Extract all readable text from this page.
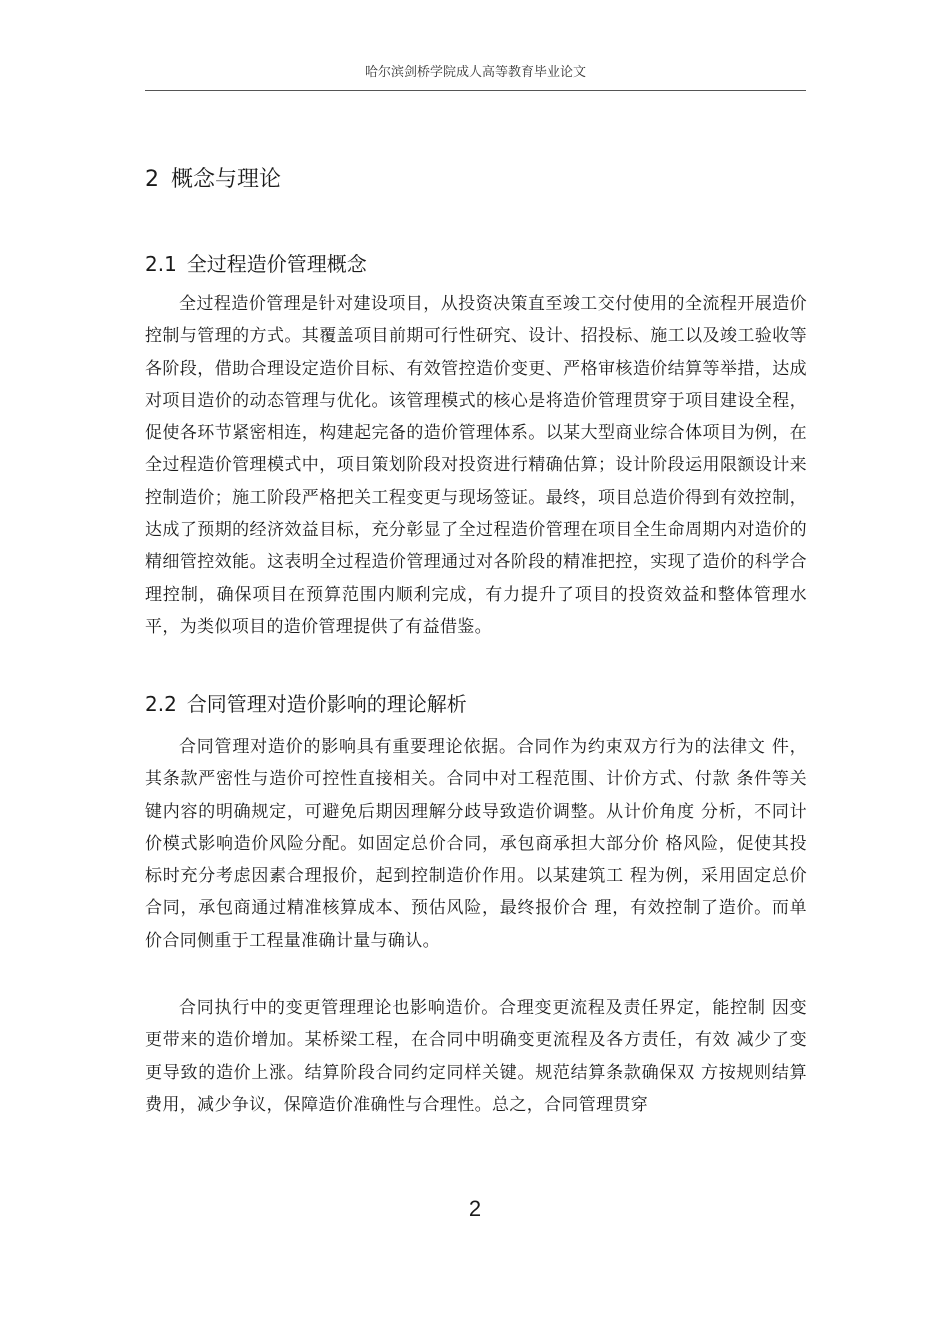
哈尔滨剑桥学院成人高等教育毕业论文
2 概念与理论
2.1 全过程造价管理概念

全过程造价管理是针对建设项目，从投资决策直至竣工交付使用的全流程开展造价控制与管理的方式。其覆盖项目前期可行性研究、设计、招投标、施工以及竣工验收等各阶段，借助合理设定造价目标、有效管控造价变更、严格审核造价结算等举措，达成对项目造价的动态管理与优化。该管理模式的核心是将造价管理贯穿于项目建设全程，促使各环节紧密相连，构建起完备的造价管理体系。以某大型商业综合体项目为例，在全过程造价管理模式中，项目策划阶段对投资进行精确估算；设计阶段运用限额设计来控制造价；施工阶段严格把关工程变更与现场签证。最终，项目总造价得到有效控制，达成了预期的经济效益目标，充分彰显了全过程造价管理在项目全生命周期内对造价的精细管控效能。这表明全过程造价管理通过对各阶段的精准把控，实现了造价的科学合理控制，确保项目在预算范围内顺利完成，有力提升了项目的投资效益和整体管理水平，为类似项目的造价管理提供了有益借鉴。

2.2 合同管理对造价影响的理论解析

合同管理对造价的影响具有重要理论依据。合同作为约束双方行为的法律文 件，其条款严密性与造价可控性直接相关。合同中对工程范围、计价方式、付款 条件等关键内容的明确规定，可避免后期因理解分歧导致造价调整。从计价角度 分析，不同计价模式影响造价风险分配。如固定总价合同，承包商承担大部分价 格风险，促使其投标时充分考虑因素合理报价，起到控制造价作用。以某建筑工 程为例，采用固定总价合同，承包商通过精准核算成本、预估风险，最终报价合 理，有效控制了造价。而单价合同侧重于工程量准确计量与确认。

合同执行中的变更管理理论也影响造价。合理变更流程及责任界定，能控制 因变更带来的造价增加。某桥梁工程，在合同中明确变更流程及各方责任，有效 减少了变更导致的造价上涨。结算阶段合同约定同样关键。规范结算条款确保双 方按规则结算费用，减少争议，保障造价准确性与合理性。总之，合同管理贯穿

2
